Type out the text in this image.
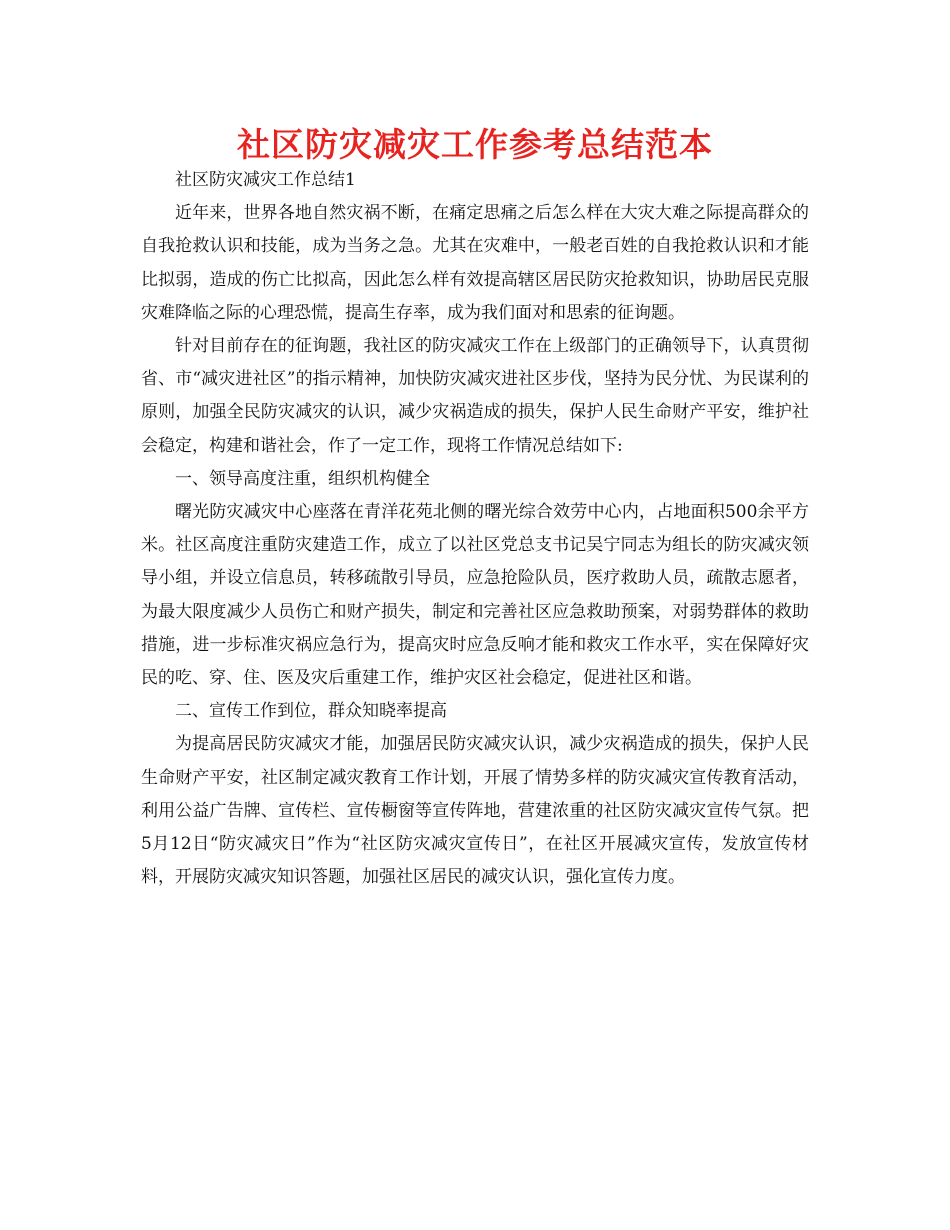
社区防灾减灾工作参考总结范本

社区防灾减灾工作总结1

近年来，世界各地自然灾祸不断，在痛定思痛之后怎么样在大灾大难之际提高群众的自我抢救认识和技能，成为当务之急。尤其在灾难中，一般老百姓的自我抢救认识和才能比拟弱，造成的伤亡比拟高，因此怎么样有效提高辖区居民防灾抢救知识，协助居民克服灾难降临之际的心理恐慌，提高生存率，成为我们面对和思索的征询题。

针对目前存在的征询题，我社区的防灾减灾工作在上级部门的正确领导下，认真贯彻省、市“减灾进社区”的指示精神，加快防灾减灾进社区步伐，坚持为民分忧、为民谋利的原则，加强全民防灾减灾的认识，减少灾祸造成的损失，保护人民生命财产平安，维护社会稳定，构建和谐社会，作了一定工作，现将工作情况总结如下:

一、领导高度注重，组织机构健全

曙光防灾减灾中心座落在青洋花苑北侧的曙光综合效劳中心内，占地面积500余平方米。社区高度注重防灾建造工作，成立了以社区党总支书记吴宁同志为组长的防灾减灾领导小组，并设立信息员，转移疏散引导员，应急抢险队员，医疗救助人员，疏散志愿者，为最大限度减少人员伤亡和财产损失，制定和完善社区应急救助预案，对弱势群体的救助措施，进一步标准灾祸应急行为，提高灾时应急反响才能和救灾工作水平，实在保障好灾民的吃、穿、住、医及灾后重建工作，维护灾区社会稳定，促进社区和谐。

二、宣传工作到位，群众知晓率提高

为提高居民防灾减灾才能，加强居民防灾减灾认识，减少灾祸造成的损失，保护人民生命财产平安，社区制定减灾教育工作计划，开展了情势多样的防灾减灾宣传教育活动，利用公益广告牌、宣传栏、宣传橱窗等宣传阵地，营建浓重的社区防灾减灾宣传气氛。把5月12日“防灾减灾日”作为“社区防灾减灾宣传日”，在社区开展减灾宣传，发放宣传材料，开展防灾减灾知识答题，加强社区居民的减灾认识，强化宣传力度。
